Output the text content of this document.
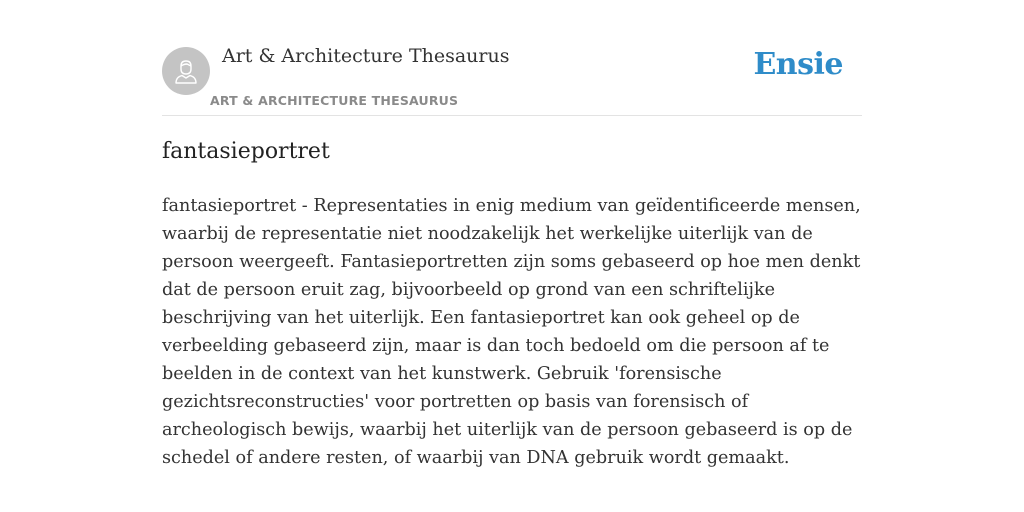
Art & Architecture Thesaurus
ART & ARCHITECTURE THESAURUS
Ensie
fantasieportret

fantasieportret - Representaties in enig medium van geïdentificeerde mensen, waarbij de representatie niet noodzakelijk het werkelijke uiterlijk van de persoon weergeeft. Fantasieportretten zijn soms gebaseerd op hoe men denkt dat de persoon eruit zag, bijvoorbeeld op grond van een schriftelijke beschrijving van het uiterlijk. Een fantasieportret kan ook geheel op de verbeelding gebaseerd zijn, maar is dan toch bedoeld om die persoon af te beelden in de context van het kunstwerk. Gebruik 'forensische gezichtsreconstructies' voor portretten op basis van forensisch of archeologisch bewijs, waarbij het uiterlijk van de persoon gebaseerd is op de schedel of andere resten, of waarbij van DNA gebruik wordt gemaakt.
